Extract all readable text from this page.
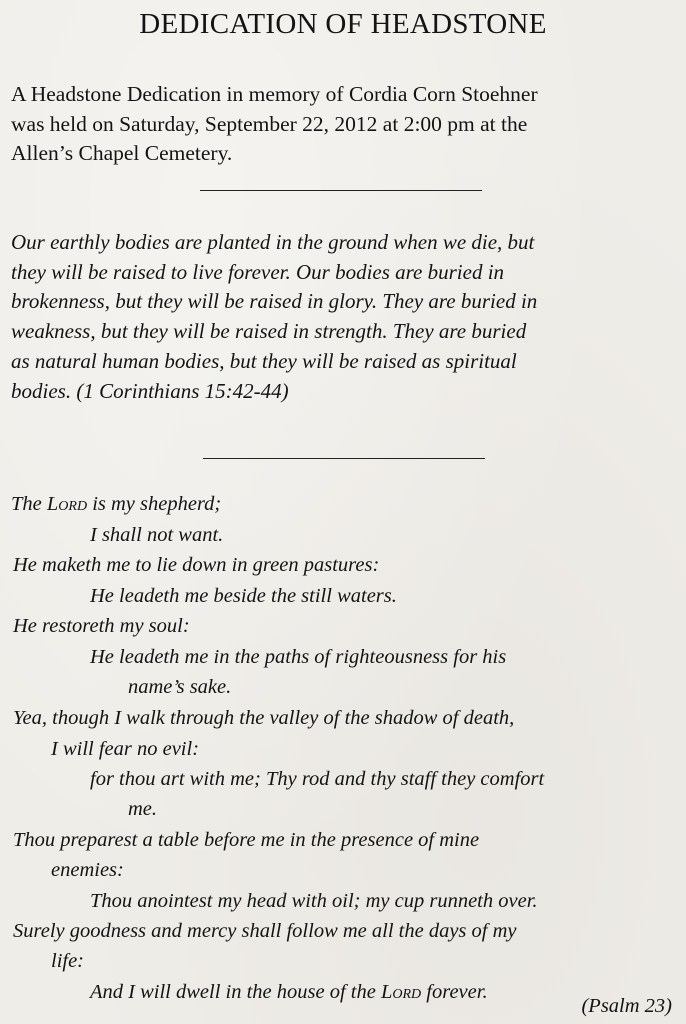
DEDICATION OF HEADSTONE

A Headstone Dedication in memory of Cordia Corn Stoehner
was held on Saturday, September 22, 2012 at 2:00 pm at the
Allen’s Chapel Cemetery.

Our earthly bodies are planted in the ground when we die, but
they will be raised to live forever. Our bodies are buried in
brokenness, but they will be raised in glory. They are buried in
weakness, but they will be raised in strength. They are buried
as natural human bodies, but they will be raised as spiritual
bodies. (1 Corinthians 15:42-44)

The Lord is my shepherd;
I shall not want.
He maketh me to lie down in green pastures:
He leadeth me beside the still waters.
He restoreth my soul:
He leadeth me in the paths of righteousness for his
name’s sake.
Yea, though I walk through the valley of the shadow of death,
I will fear no evil:
for thou art with me; Thy rod and thy staff they comfort
me.
Thou preparest a table before me in the presence of mine
enemies:
Thou anointest my head with oil; my cup runneth over.
Surely goodness and mercy shall follow me all the days of my
life:
And I will dwell in the house of the Lord forever.

(Psalm 23)
